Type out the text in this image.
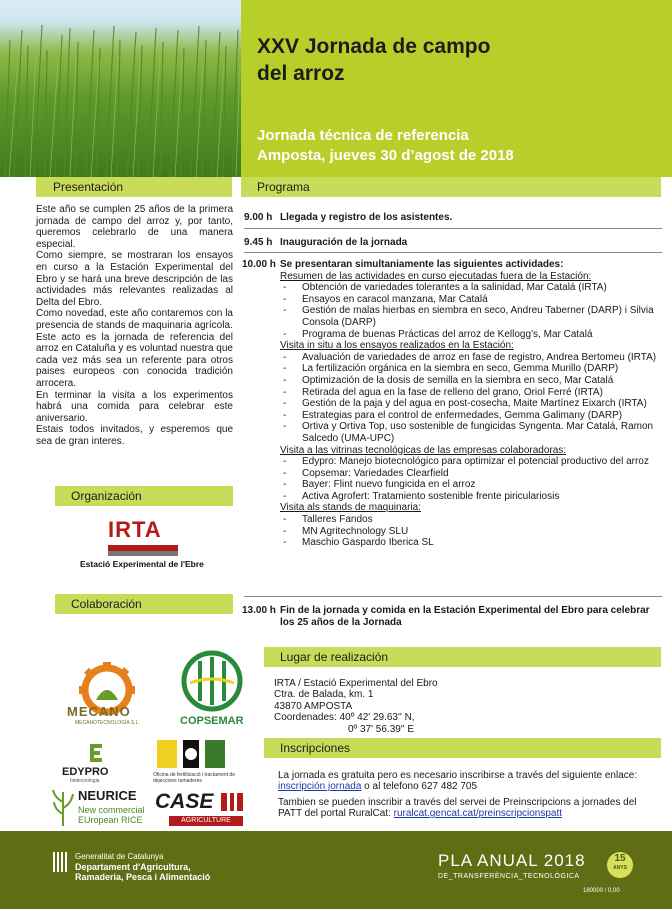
XXV Jornada de campo
del arroz
Jornada técnica de referencia
Amposta, jueves 30 d’agost de 2018
Presentación

Este año se cumplen 25 años de la primera jornada de campo del arroz y, por tanto, queremos celebrarlo de una manera especial.

Como siempre, se mostraran los ensayos en curso a la Estación Experimental del Ebro y se hará una breve descripción de las actividades más relevantes realizadas al Delta del Ebro.

Como novedad, este año contaremos con la presencia de stands de maquinaria agrícola.

Este acto es la jornada de referencia del arroz en Cataluña y es voluntad nuestra que cada vez más sea un referente para otros paises europeos con conocida tradición arrocera.

En terminar la visita a los experimentos habrá una comida para celebrar este aniversario.

Estais todos invitados, y esperemos que sea de gran interes.

Organización
IRTA
Estació Experimental de l'Ebre
Colaboración
MECANO
MECANOTECNOLOGÍA S.L.	COPSEMAR
EDYPRO
biotecnologia
Oficina de fertilització i tractament de dejeccions ramaderes
NEURICE
New commercial
EUropean RICE
CASE
AGRICULTURE
Programa
9.00 h Llegada y registro de los asistentes.
9.45 h Inauguración de la jornada
10.00 h Se presentaran simultaniamente las siguientes actividades:
Resumen de las actividades en curso ejecutadas fuera de la Estación:
- Obtención de variedades tolerantes a la salinidad, Mar Catalá (IRTA)
- Ensayos en caracol manzana, Mar Catalá
- Gestión de malas hierbas en siembra en seco, Andreu Taberner (DARP) i Silvia Consola (DARP)
- Programa de buenas Prácticas del arroz de Kellogg’s, Mar Catalá
Visita in situ a los ensayos realizados en la Estación:
- Avaluación de variedades de arroz en fase de registro, Andrea Bertomeu (IRTA)
- La fertilización orgánica en la siembra en seco, Gemma Murillo (DARP)
- Optimización de la dosis de semilla en la siembra en seco, Mar Catalá
- Retirada del agua en la fase de relleno del grano, Oriol Ferré (IRTA)
- Gestión de la paja y del agua en post-cosecha, Maite Martínez Eixarch (IRTA)
- Estrategias para el control de enfermedades, Gemma Galimany (DARP)
- Ortiva y Ortiva Top, uso sostenible de fungicidas Syngenta. Mar Catalá, Ramon Salcedo (UMA-UPC)
Visita a las vitrinas tecnológicas de las empresas colaboradoras:
- Edypro: Manejo biotecnológico para optimizar el potencial productivo del arroz
- Copsemar: Variedades Clearfield
- Bayer: Flint nuevo fungicida en el arroz
- Activa Agrofert: Tratamiento sostenible frente piriculariosis
Visita als stands de maquinaria:
- Talleres Fandos
- MN Agritechnology SLU
- Maschio Gaspardo Iberica SL
13.00 h Fin de la jornada y comida en la Estación Experimental del Ebro para celebrar los 25 años de la Jornada
Lugar de realización
IRTA / Estació Experimental del Ebro
Ctra. de Balada, km. 1
43870 AMPOSTA
Coordenades: 40º 42' 29.63'' N,
0º 37' 56.39'' E
Inscripciones
La jornada es gratuita pero es necesario inscribirse a través del siguiente enlace: inscripción jornada o al telefono 627 482 705
Tambien se pueden inscribir a través del servei de Preinscripcions a jornades del PATT del portal RuralCat: ruralcat.gencat.cat/preinscripcionspatt
Generalitat de Catalunya
Departament d'Agricultura,
Ramaderia, Pesca i Alimentació
PLA ANUAL 2018
DE_TRANSFERÈNCIA_TECNOLÒGICA
15
ANYS
180000 / 0,00
